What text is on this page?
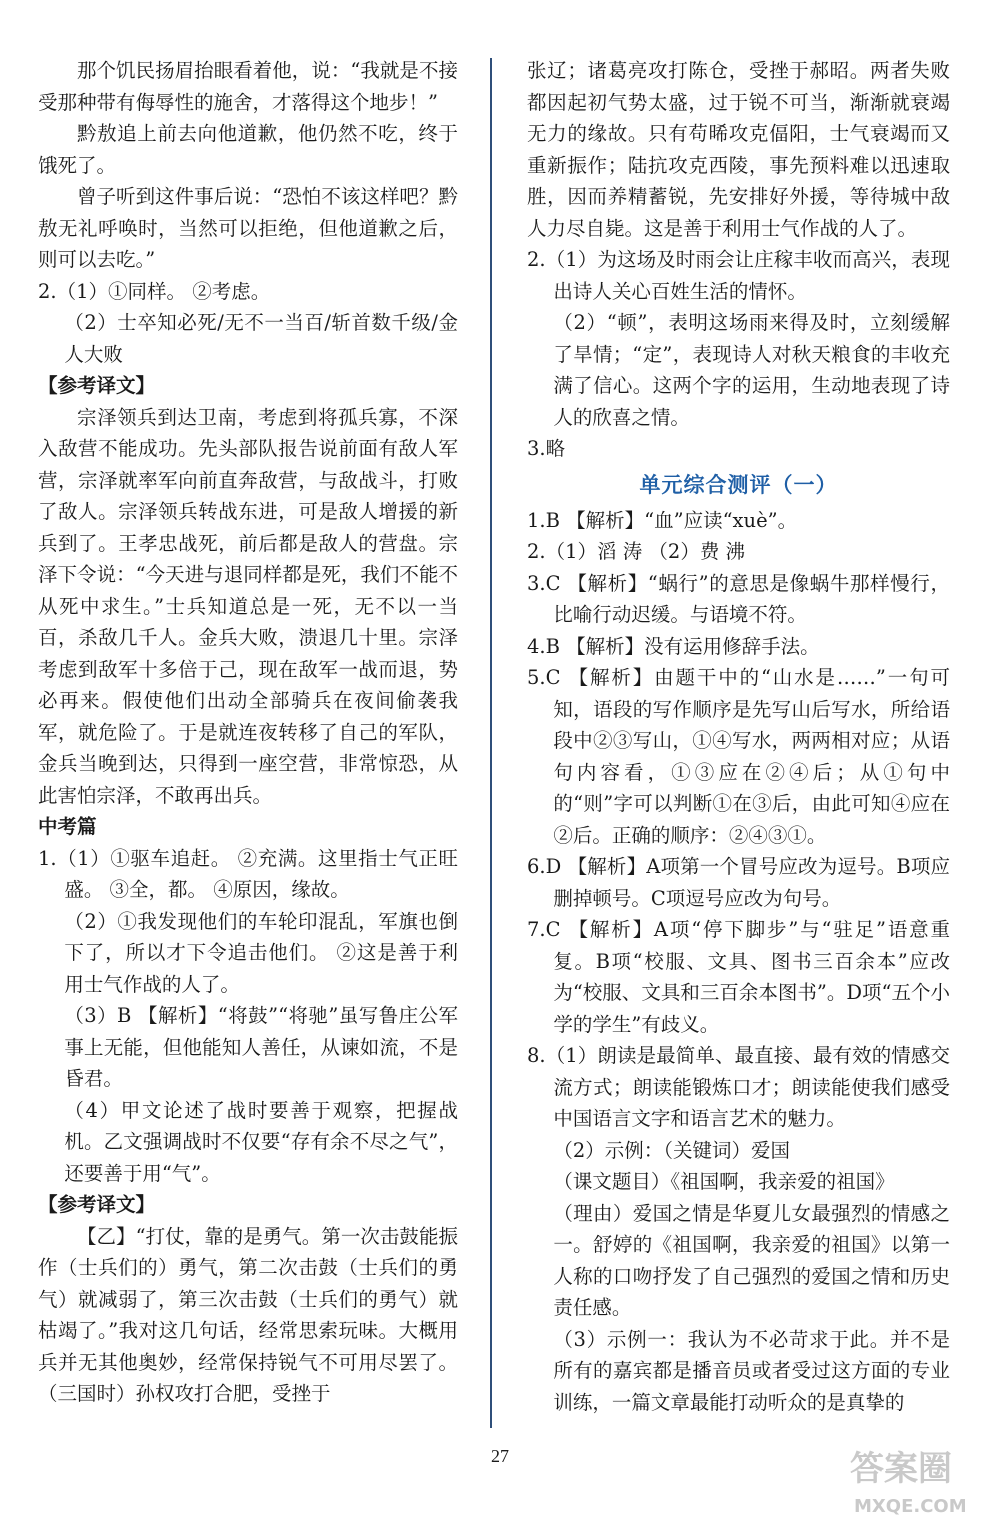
那个饥民扬眉抬眼看着他，说：“我就是不接受那种带有侮辱性的施舍，才落得这个地步！”

黔敖追上前去向他道歉，他仍然不吃，终于饿死了。

曾子听到这件事后说：“恐怕不该这样吧？黔敖无礼呼唤时，当然可以拒绝，但他道歉之后，则可以去吃。”

2.（1）①同样。 ②考虑。

（2）士卒知必死/无不一当百/斩首数千级/金人大败

【参考译文】

宗泽领兵到达卫南，考虑到将孤兵寡，不深入敌营不能成功。先头部队报告说前面有敌人军营，宗泽就率军向前直奔敌营，与敌战斗，打败了敌人。宗泽领兵转战东进，可是敌人增援的新兵到了。王孝忠战死，前后都是敌人的营盘。宗泽下令说：“今天进与退同样都是死，我们不能不从死中求生。”士兵知道总是一死，无不以一当百，杀敌几千人。金兵大败，溃退几十里。宗泽考虑到敌军十多倍于己，现在敌军一战而退，势必再来。假使他们出动全部骑兵在夜间偷袭我军，就危险了。于是就连夜转移了自己的军队，金兵当晚到达，只得到一座空营，非常惊恐，从此害怕宗泽，不敢再出兵。

中考篇

1.（1）①驱车追赶。 ②充满。这里指士气正旺盛。 ③全，都。 ④原因，缘故。

（2）①我发现他们的车轮印混乱，军旗也倒下了，所以才下令追击他们。 ②这是善于利用士气作战的人了。

（3）B 【解析】“将鼓”“将驰”虽写鲁庄公军事上无能，但他能知人善任，从谏如流，不是昏君。

（4）甲文论述了战时要善于观察，把握战机。乙文强调战时不仅要“存有余不尽之气”，还要善于用“气”。

【参考译文】

【乙】“打仗，靠的是勇气。第一次击鼓能振作（士兵们的）勇气，第二次击鼓（士兵们的勇气）就减弱了，第三次击鼓（士兵们的勇气）就枯竭了。”我对这几句话，经常思索玩味。大概用兵并无其他奥妙，经常保持锐气不可用尽罢了。（三国时）孙权攻打合肥，受挫于

张辽；诸葛亮攻打陈仓，受挫于郝昭。两者失败都因起初气势太盛，过于锐不可当，渐渐就衰竭无力的缘故。只有苟晞攻克偪阳，士气衰竭而又重新振作；陆抗攻克西陵，事先预料难以迅速取胜，因而养精蓄锐，先安排好外援，等待城中敌人力尽自毙。这是善于利用士气作战的人了。

2.（1）为这场及时雨会让庄稼丰收而高兴，表现出诗人关心百姓生活的情怀。

（2）“顿”，表明这场雨来得及时，立刻缓解了旱情；“定”，表现诗人对秋天粮食的丰收充满了信心。这两个字的运用，生动地表现了诗人的欣喜之情。

3.略

单元综合测评（一）

1.B 【解析】“血”应读“xuè”。

2.（1）滔 涛 （2）费 沸

3.C 【解析】“蜗行”的意思是像蜗牛那样慢行，比喻行动迟缓。与语境不符。

4.B 【解析】没有运用修辞手法。

5.C 【解析】由题干中的“山水是……”一句可知，语段的写作顺序是先写山后写水，所给语段中②③写山，①④写水，两两相对应；从语句内容看，①③应在②④后；从①句中的“则”字可以判断①在③后，由此可知④应在②后。正确的顺序：②④③①。

6.D 【解析】A项第一个冒号应改为逗号。B项应删掉顿号。C项逗号应改为句号。

7.C 【解析】A项“停下脚步”与“驻足”语意重复。B项“校服、文具、图书三百余本”应改为“校服、文具和三百余本图书”。D项“五个小学的学生”有歧义。

8.（1）朗读是最简单、最直接、最有效的情感交流方式；朗读能锻炼口才；朗读能使我们感受中国语言文字和语言艺术的魅力。

（2）示例：（关键词）爱国

（课文题目）《祖国啊，我亲爱的祖国》

（理由）爱国之情是华夏儿女最强烈的情感之一。舒婷的《祖国啊，我亲爱的祖国》以第一人称的口吻抒发了自己强烈的爱国之情和历史责任感。

（3）示例一：我认为不必苛求于此。并不是所有的嘉宾都是播音员或者受过这方面的专业训练，一篇文章最能打动听众的是真挚的

27	答案圈
MXQE.COM
